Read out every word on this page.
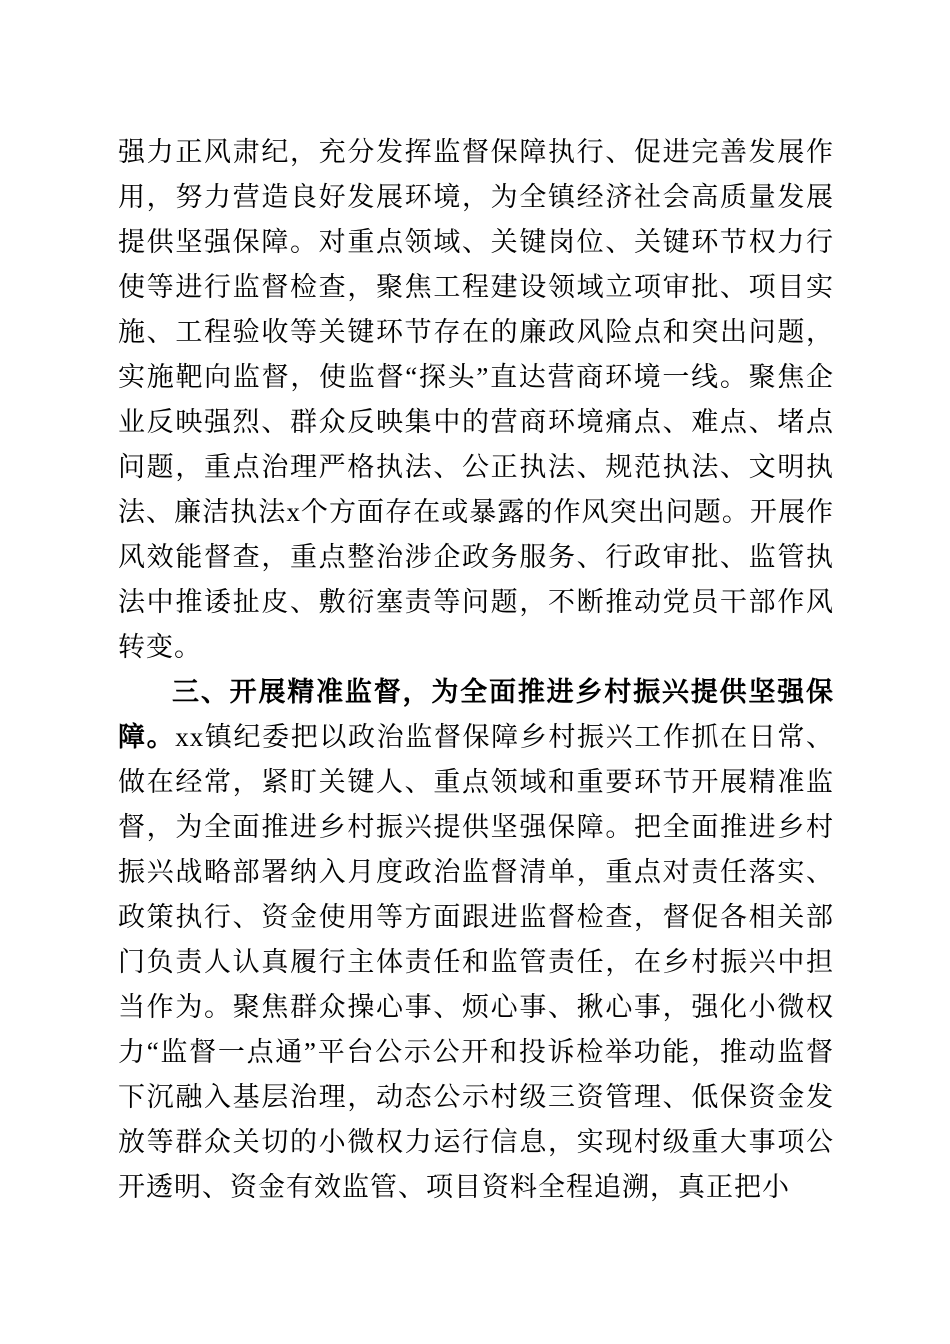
强力正风肃纪，充分发挥监督保障执行、促进完善发展作用，努力营造良好发展环境，为全镇经济社会高质量发展提供坚强保障。对重点领域、关键岗位、关键环节权力行使等进行监督检查，聚焦工程建设领域立项审批、项目实施、工程验收等关键环节存在的廉政风险点和突出问题，实施靶向监督，使监督“探头”直达营商环境一线。聚焦企业反映强烈、群众反映集中的营商环境痛点、难点、堵点问题，重点治理严格执法、公正执法、规范执法、文明执法、廉洁执法x个方面存在或暴露的作风突出问题。开展作风效能督查，重点整治涉企政务服务、行政审批、监管执法中推诿扯皮、敷衍塞责等问题，不断推动党员干部作风转变。

三、开展精准监督，为全面推进乡村振兴提供坚强保障。xx镇纪委把以政治监督保障乡村振兴工作抓在日常、做在经常，紧盯关键人、重点领域和重要环节开展精准监督，为全面推进乡村振兴提供坚强保障。把全面推进乡村振兴战略部署纳入月度政治监督清单，重点对责任落实、政策执行、资金使用等方面跟进监督检查，督促各相关部门负责人认真履行主体责任和监管责任，在乡村振兴中担当作为。聚焦群众操心事、烦心事、揪心事，强化小微权力“监督一点通”平台公示公开和投诉检举功能，推动监督下沉融入基层治理，动态公示村级三资管理、低保资金发放等群众关切的小微权力运行信息，实现村级重大事项公开透明、资金有效监管、项目资料全程追溯，真正把小
